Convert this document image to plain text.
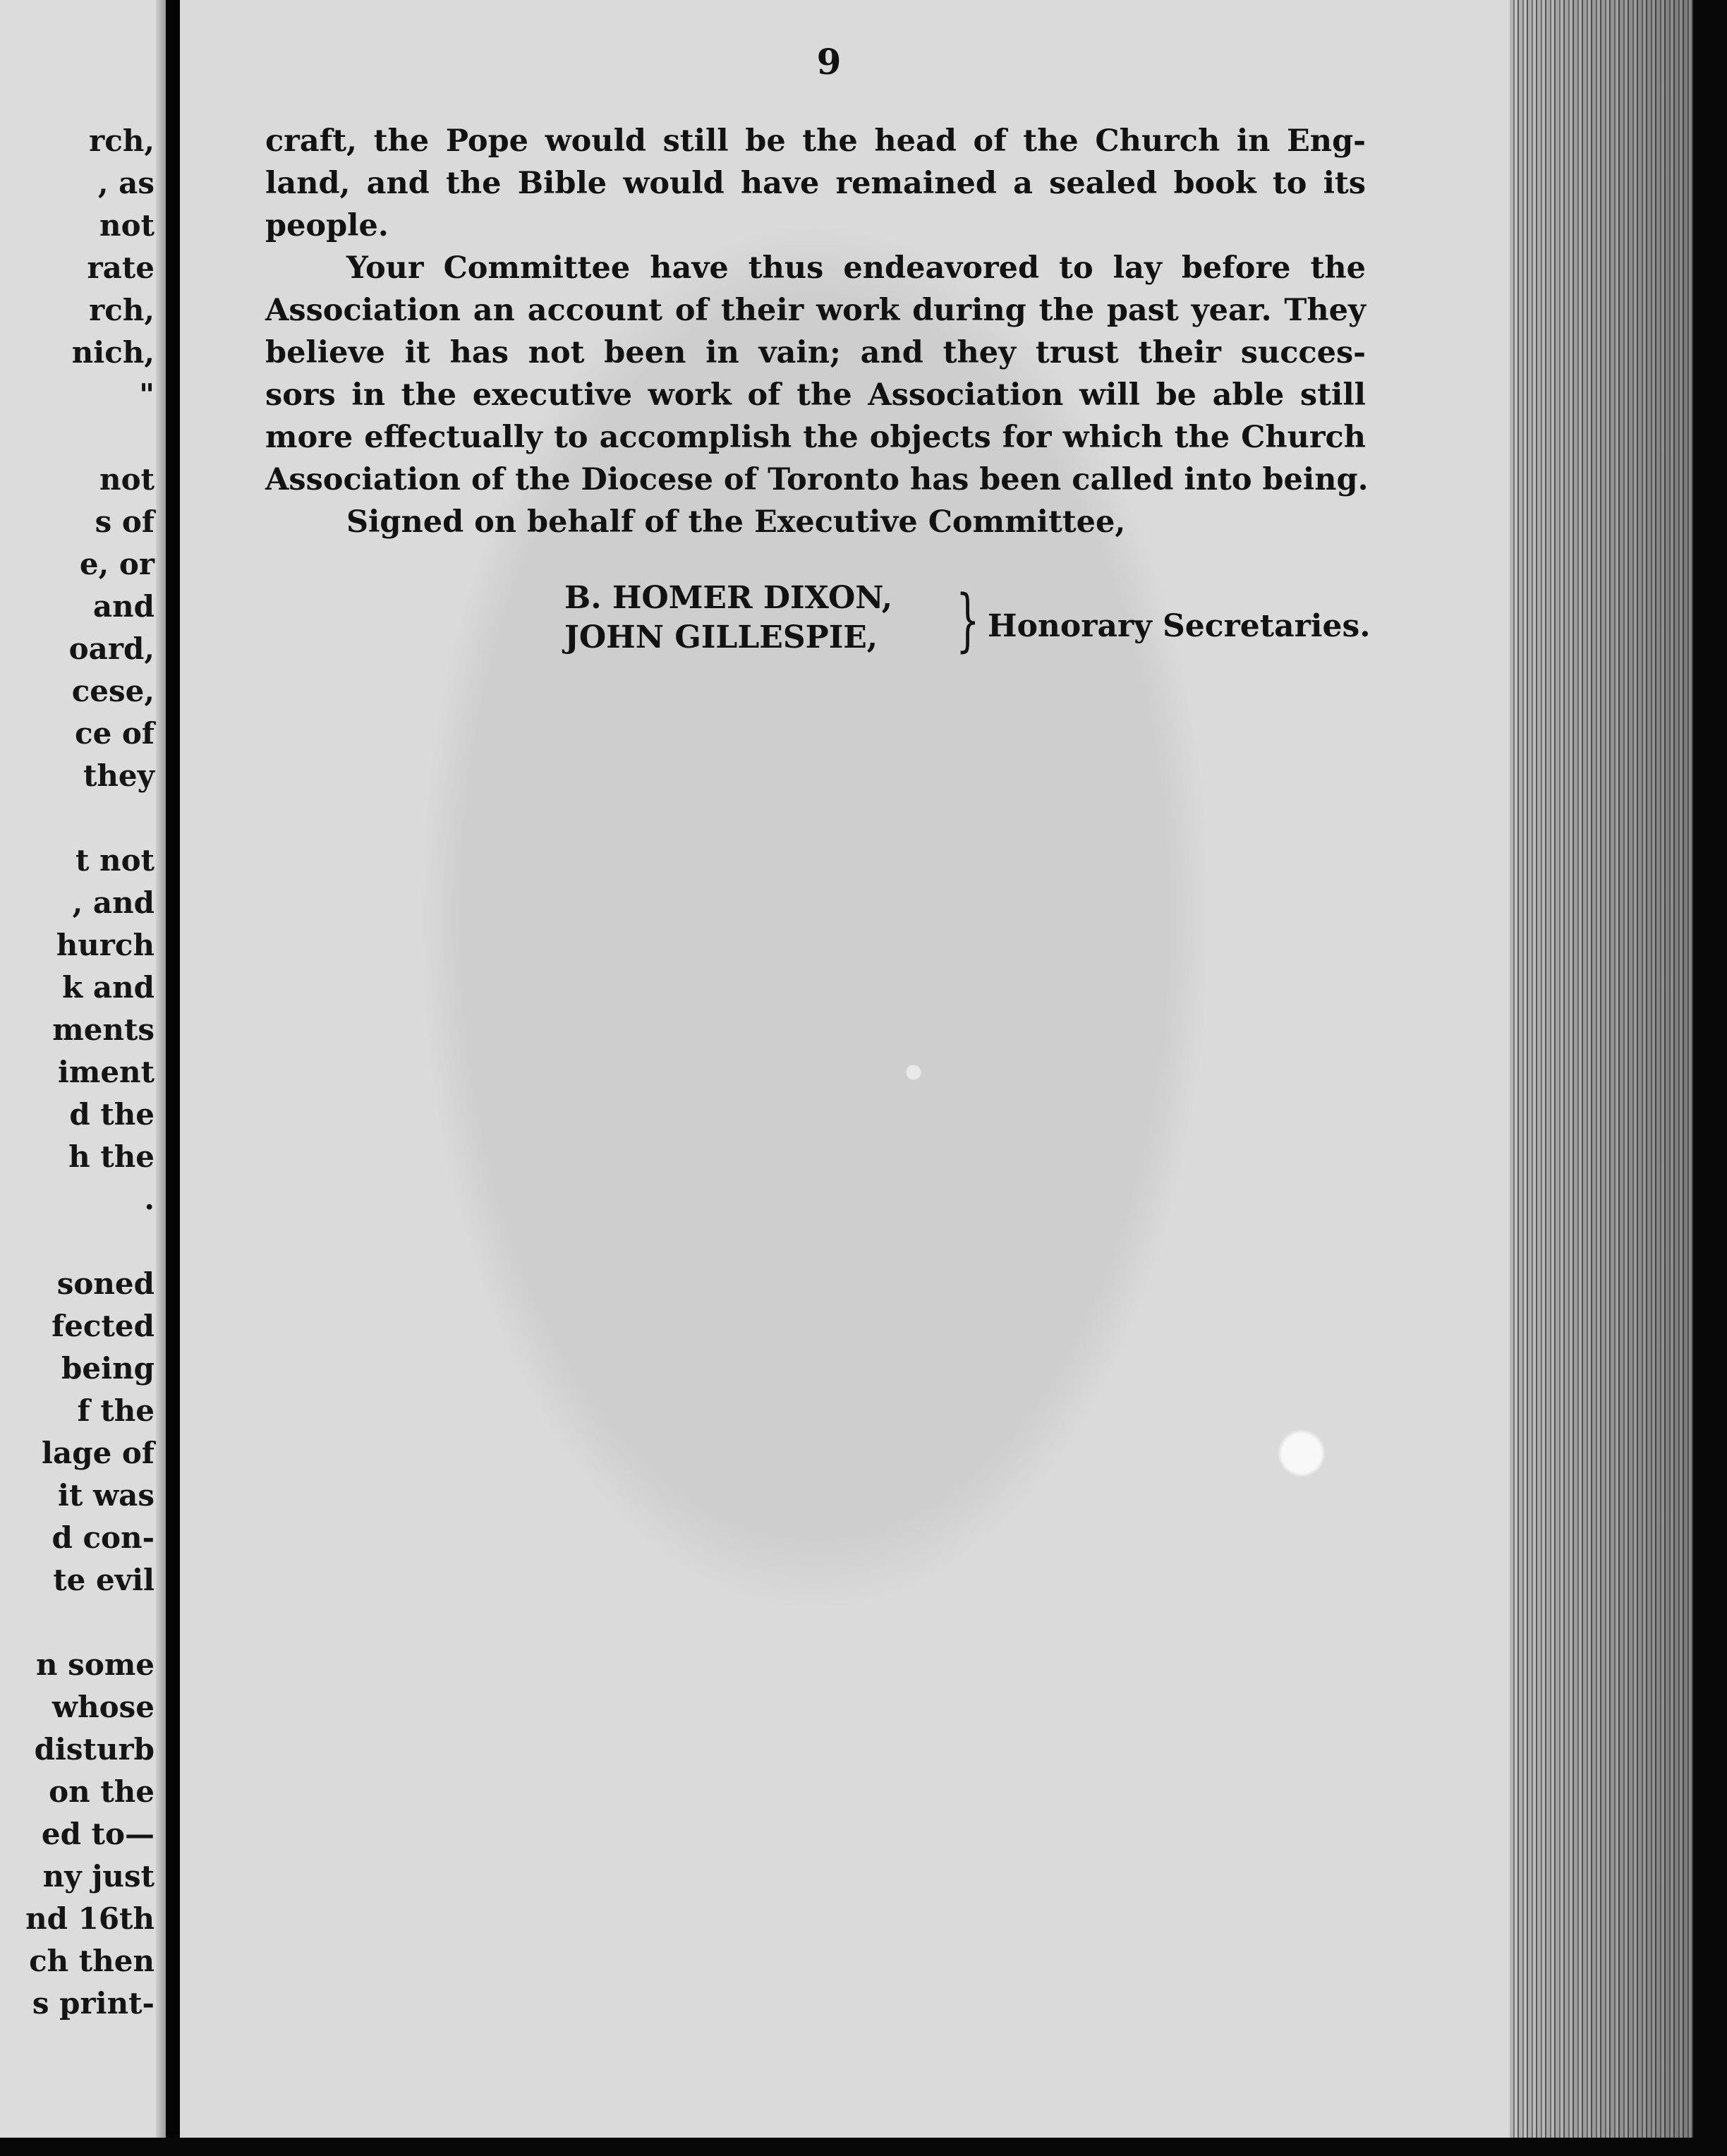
rch,
, as
not
rate
rch,
nich,
"
not
s of
e, or
and
oard,
cese,
ce of
they
t not
, and
hurch
k and
ments
iment
d the
h the
.
soned
fected
being
f the
lage of
it was
d con-
te evil
n some
whose
disturb
on the
ed to—
ny just
nd 16th
ch then
s print-
9
craft, the Pope would still be the head of the Church in Eng-
land, and the Bible would have remained a sealed book to its
people.
Your Committee have thus endeavored to lay before the
Association an account of their work during the past year. They
believe it has not been in vain; and they trust their succes-
sors in the executive work of the Association will be able still
more effectually to accomplish the objects for which the Church
Association of the Diocese of Toronto has been called into being.
Signed on behalf of the Executive Committee,
B. HOMER DIXON,
JOHN GILLESPIE, } Honorary Secretaries.
